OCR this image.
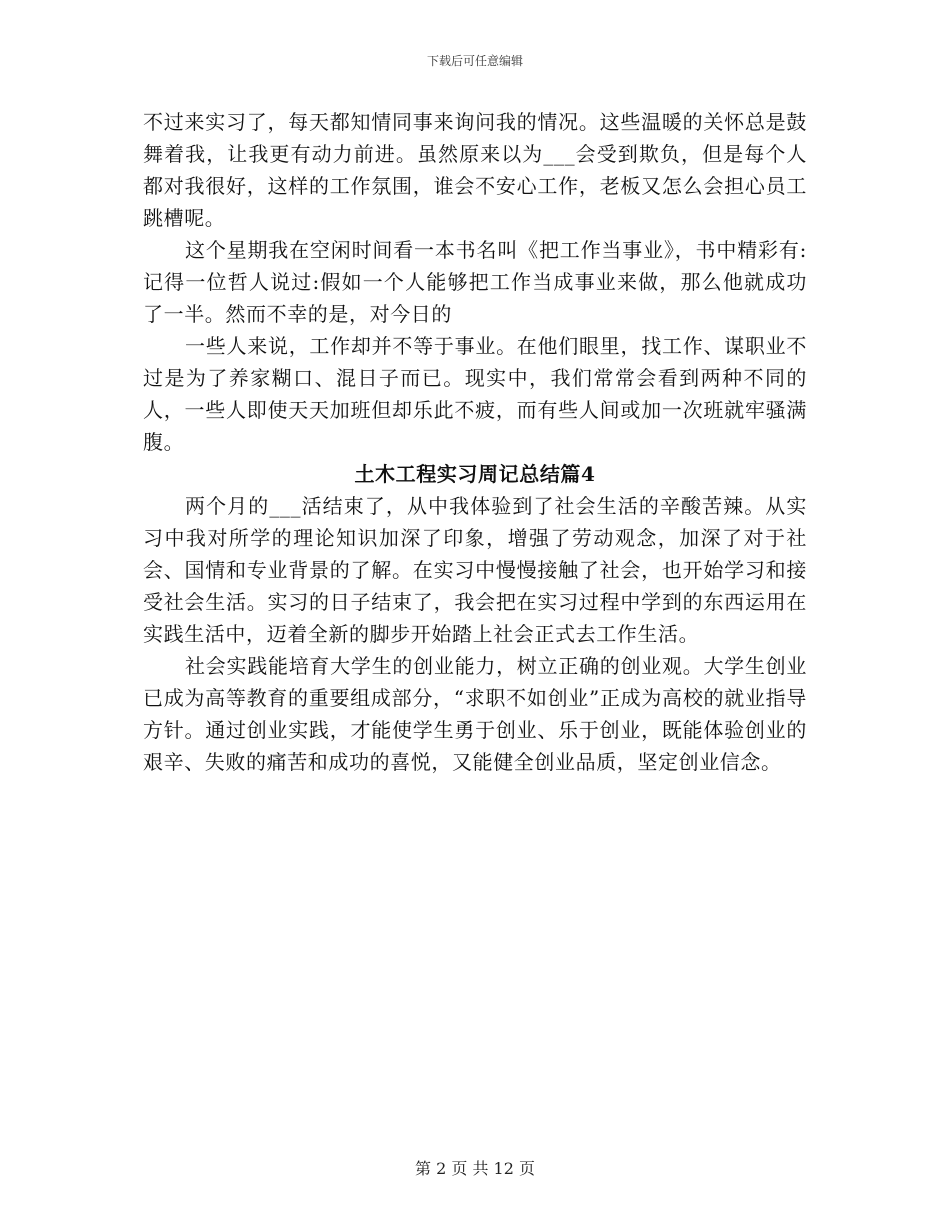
下载后可任意编辑

不过来实习了，每天都知情同事来询问我的情况。这些温暖的关怀总是鼓舞着我，让我更有动力前进。虽然原来以为___会受到欺负，但是每个人都对我很好，这样的工作氛围，谁会不安心工作，老板又怎么会担心员工跳槽呢。

这个星期我在空闲时间看一本书名叫《把工作当事业》，书中精彩有:记得一位哲人说过:假如一个人能够把工作当成事业来做，那么他就成功了一半。然而不幸的是，对今日的

一些人来说，工作却并不等于事业。在他们眼里，找工作、谋职业不过是为了养家糊口、混日子而已。现实中，我们常常会看到两种不同的人，一些人即使天天加班但却乐此不疲，而有些人间或加一次班就牢骚满腹。

土木工程实习周记总结篇4

两个月的___活结束了，从中我体验到了社会生活的辛酸苦辣。从实习中我对所学的理论知识加深了印象，增强了劳动观念，加深了对于社会、国情和专业背景的了解。在实习中慢慢接触了社会，也开始学习和接受社会生活。实习的日子结束了，我会把在实习过程中学到的东西运用在实践生活中，迈着全新的脚步开始踏上社会正式去工作生活。

社会实践能培育大学生的创业能力，树立正确的创业观。大学生创业已成为高等教育的重要组成部分，“求职不如创业”正成为高校的就业指导方针。通过创业实践，才能使学生勇于创业、乐于创业，既能体验创业的艰辛、失败的痛苦和成功的喜悦，又能健全创业品质，坚定创业信念。

第 2 页 共 12 页
